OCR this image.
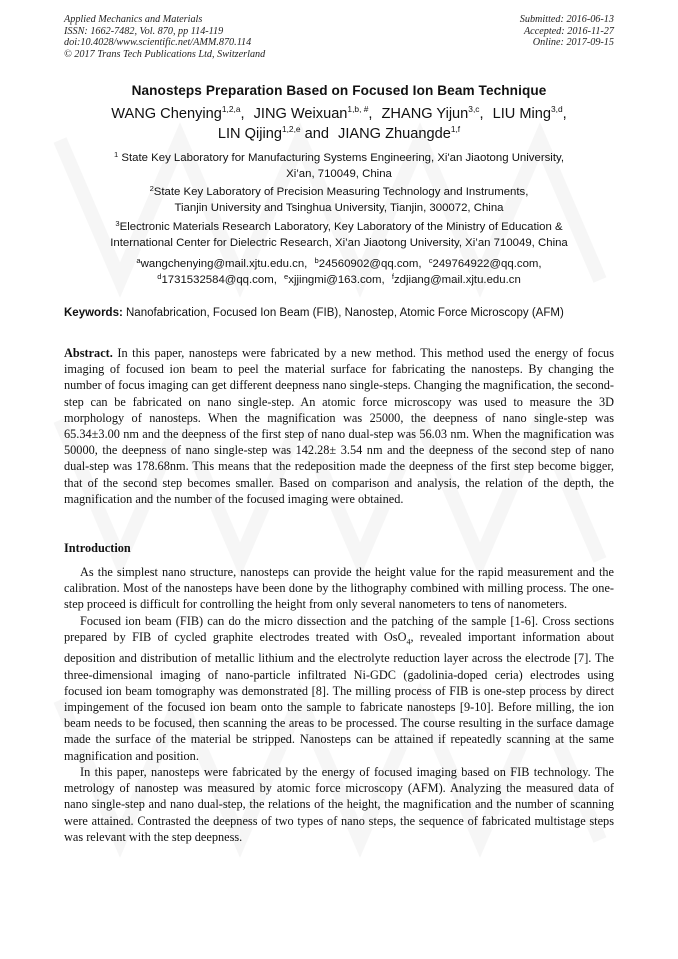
Applied Mechanics and Materials
ISSN: 1662-7482, Vol. 870, pp 114-119
doi:10.4028/www.scientific.net/AMM.870.114
© 2017 Trans Tech Publications Ltd, Switzerland
Submitted: 2016-06-13
Accepted: 2016-11-27
Online: 2017-09-15
Nanosteps Preparation Based on Focused Ion Beam Technique
WANG Chenying$^{1,2,a}$, JING Weixuan$^{1,b, \#}$, ZHANG Yijun$^{3,c}$, LIU Ming$^{3,d}$,
LIN Qijing$^{1,2,e}$ and JIANG Zhuangde$^{1,f}$
$^1$ State Key Laboratory for Manufacturing Systems Engineering, Xi'an Jiaotong University,
Xi’an, 710049, China
$^2$State Key Laboratory of Precision Measuring Technology and Instruments,
Tianjin University and Tsinghua University, Tianjin, 300072, China
$^3$Electronic Materials Research Laboratory, Key Laboratory of the Ministry of Education &
International Center for Dielectric Research, Xi’an Jiaotong University, Xi’an 710049, China
$^a$wangchenying@mail.xjtu.edu.cn, $^b$24560902@qq.com, $^c$249764922@qq.com,
$^d$1731532584@qq.com, $^e$xjjingmi@163.com, $^f$zdjiang@mail.xjtu.edu.cn
Keywords: Nanofabrication, Focused Ion Beam (FIB), Nanostep, Atomic Force Microscopy (AFM)

Abstract. In this paper, nanosteps were fabricated by a new method. This method used the energy of focus imaging of focused ion beam to peel the material surface for fabricating the nanosteps. By changing the number of focus imaging can get different deepness nano single-steps. Changing the magnification, the second-step can be fabricated on nano single-step. An atomic force microscopy was used to measure the 3D morphology of nanosteps. When the magnification was 25000, the deepness of nano single-step was 65.34±3.00 nm and the deepness of the first step of nano dual-step was 56.03 nm. When the magnification was 50000, the deepness of nano single-step was 142.28± 3.54 nm and the deepness of the second step of nano dual-step was 178.68nm. This means that the redeposition made the deepness of the first step become bigger, that of the second step becomes smaller. Based on comparison and analysis, the relation of the depth, the magnification and the number of the focused imaging were obtained.

Introduction

As the simplest nano structure, nanosteps can provide the height value for the rapid measurement and the calibration. Most of the nanosteps have been done by the lithography combined with milling process. The one-step proceed is difficult for controlling the height from only several nanometers to tens of nanometers.

Focused ion beam (FIB) can do the micro dissection and the patching of the sample [1-6]. Cross sections prepared by FIB of cycled graphite electrodes treated with OsO$_4$, revealed important information about deposition and distribution of metallic lithium and the electrolyte reduction layer across the electrode [7]. The three-dimensional imaging of nano-particle infiltrated Ni-GDC (gadolinia-doped ceria) electrodes using focused ion beam tomography was demonstrated [8]. The milling process of FIB is one-step process by direct impingement of the focused ion beam onto the sample to fabricate nanosteps [9-10]. Before milling, the ion beam needs to be focused, then scanning the areas to be processed. The course resulting in the surface damage made the surface of the material be stripped. Nanosteps can be attained if repeatedly scanning at the same magnification and position.

In this paper, nanosteps were fabricated by the energy of focused imaging based on FIB technology. The metrology of nanostep was measured by atomic force microscopy (AFM). Analyzing the measured data of nano single-step and nano dual-step, the relations of the height, the magnification and the number of scanning were attained. Contrasted the deepness of two types of nano steps, the sequence of fabricated multistage steps was relevant with the step deepness.
